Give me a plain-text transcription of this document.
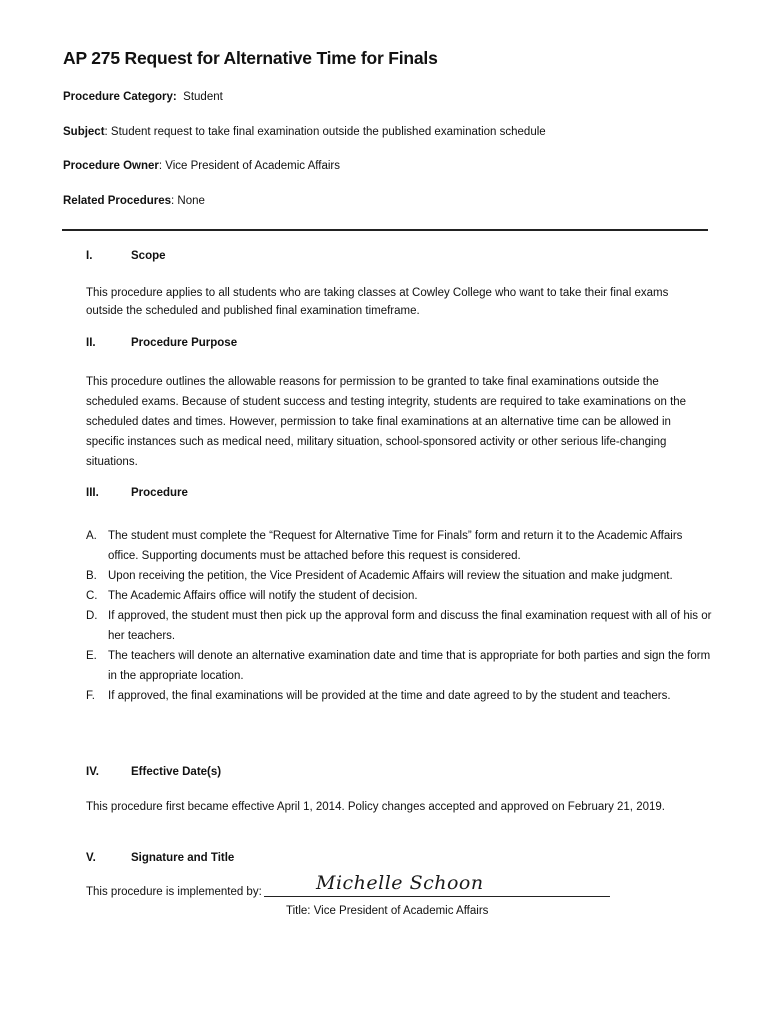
AP 275 Request for Alternative Time for Finals

Procedure Category: Student

Subject: Student request to take final examination outside the published examination schedule

Procedure Owner: Vice President of Academic Affairs

Related Procedures: None

I.	Scope

This procedure applies to all students who are taking classes at Cowley College who want to take their final exams outside the scheduled and published final examination timeframe.

II.	Procedure Purpose

This procedure outlines the allowable reasons for permission to be granted to take final examinations outside the scheduled exams. Because of student success and testing integrity, students are required to take examinations on the scheduled dates and times. However, permission to take final examinations at an alternative time can be allowed in specific instances such as medical need, military situation, school-sponsored activity or other serious life-changing situations.

III.	Procedure
A. The student must complete the “Request for Alternative Time for Finals” form and return it to the Academic Affairs office. Supporting documents must be attached before this request is considered.
B. Upon receiving the petition, the Vice President of Academic Affairs will review the situation and make judgment.
C. The Academic Affairs office will notify the student of decision.
D. If approved, the student must then pick up the approval form and discuss the final examination request with all of his or her teachers.
E. The teachers will denote an alternative examination date and time that is appropriate for both parties and sign the form in the appropriate location.
F. If approved, the final examinations will be provided at the time and date agreed to by the student and teachers.
IV.	Effective Date(s)

This procedure first became effective April 1, 2014. Policy changes accepted and approved on February 21, 2019.

V.	Signature and Title
This procedure is implemented by:	Michelle Schoon
Title: Vice President of Academic Affairs
